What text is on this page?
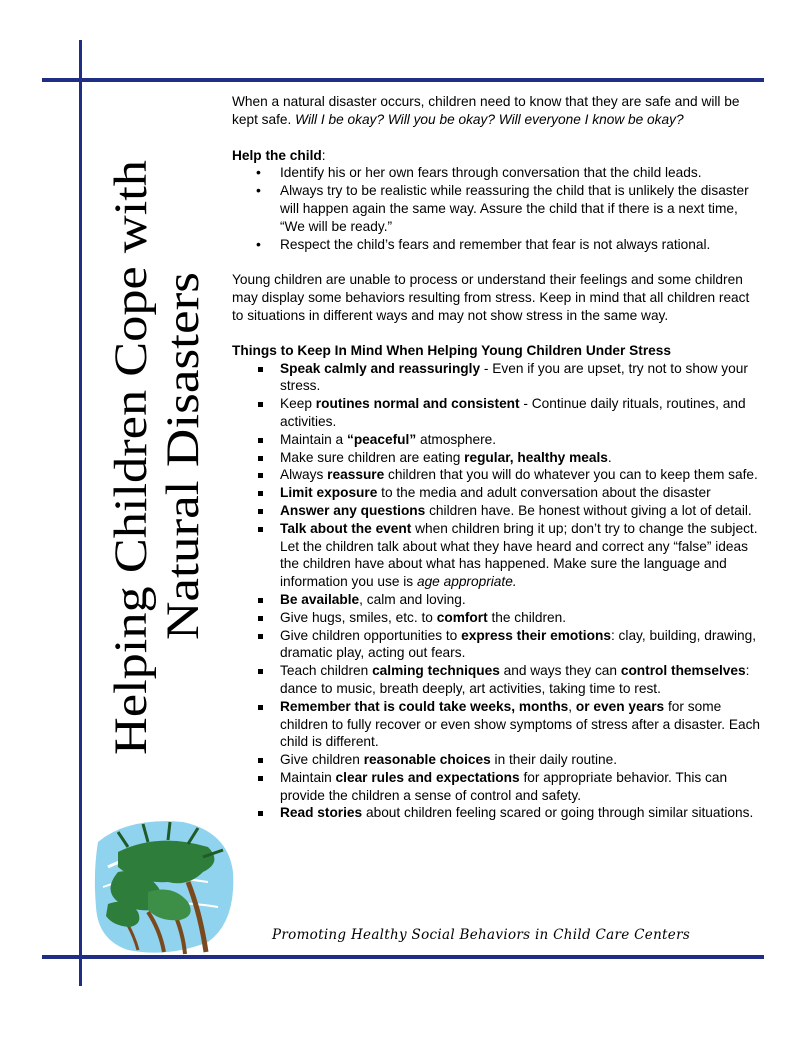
Helping Children Cope with Natural Disasters

When a natural disaster occurs, children need to know that they are safe and will be kept safe. Will I be okay? Will you be okay? Will everyone I know be okay?

Help the child:

• Identify his or her own fears through conversation that the child leads.
• Always try to be realistic while reassuring the child that is unlikely the disaster will happen again the same way. Assure the child that if there is a next time, “We will be ready.”
• Respect the child’s fears and remember that fear is not always rational.

Young children are unable to process or understand their feelings and some children may display some behaviors resulting from stress. Keep in mind that all children react to situations in different ways and may not show stress in the same way.

Things to Keep In Mind When Helping Young Children Under Stress

Speak calmly and reassuringly - Even if you are upset, try not to show your stress.
Keep routines normal and consistent - Continue daily rituals, routines, and activities.
Maintain a “peaceful” atmosphere.
Make sure children are eating regular, healthy meals.
Always reassure children that you will do whatever you can to keep them safe.
Limit exposure to the media and adult conversation about the disaster
Answer any questions children have. Be honest without giving a lot of detail.
Talk about the event when children bring it up; don’t try to change the subject. Let the children talk about what they have heard and correct any “false” ideas the children have about what has happened. Make sure the language and information you use is age appropriate.
Be available, calm and loving.
Give hugs, smiles, etc. to comfort the children.
Give children opportunities to express their emotions: clay, building, drawing, dramatic play, acting out fears.
Teach children calming techniques and ways they can control themselves: dance to music, breath deeply, art activities, taking time to rest.
Remember that is could take weeks, months, or even years for some children to fully recover or even show symptoms of stress after a disaster. Each child is different.
Give children reasonable choices in their daily routine.
Maintain clear rules and expectations for appropriate behavior. This can provide the children a sense of control and safety.
Read stories about children feeling scared or going through similar situations.
Promoting Healthy Social Behaviors in Child Care Centers
